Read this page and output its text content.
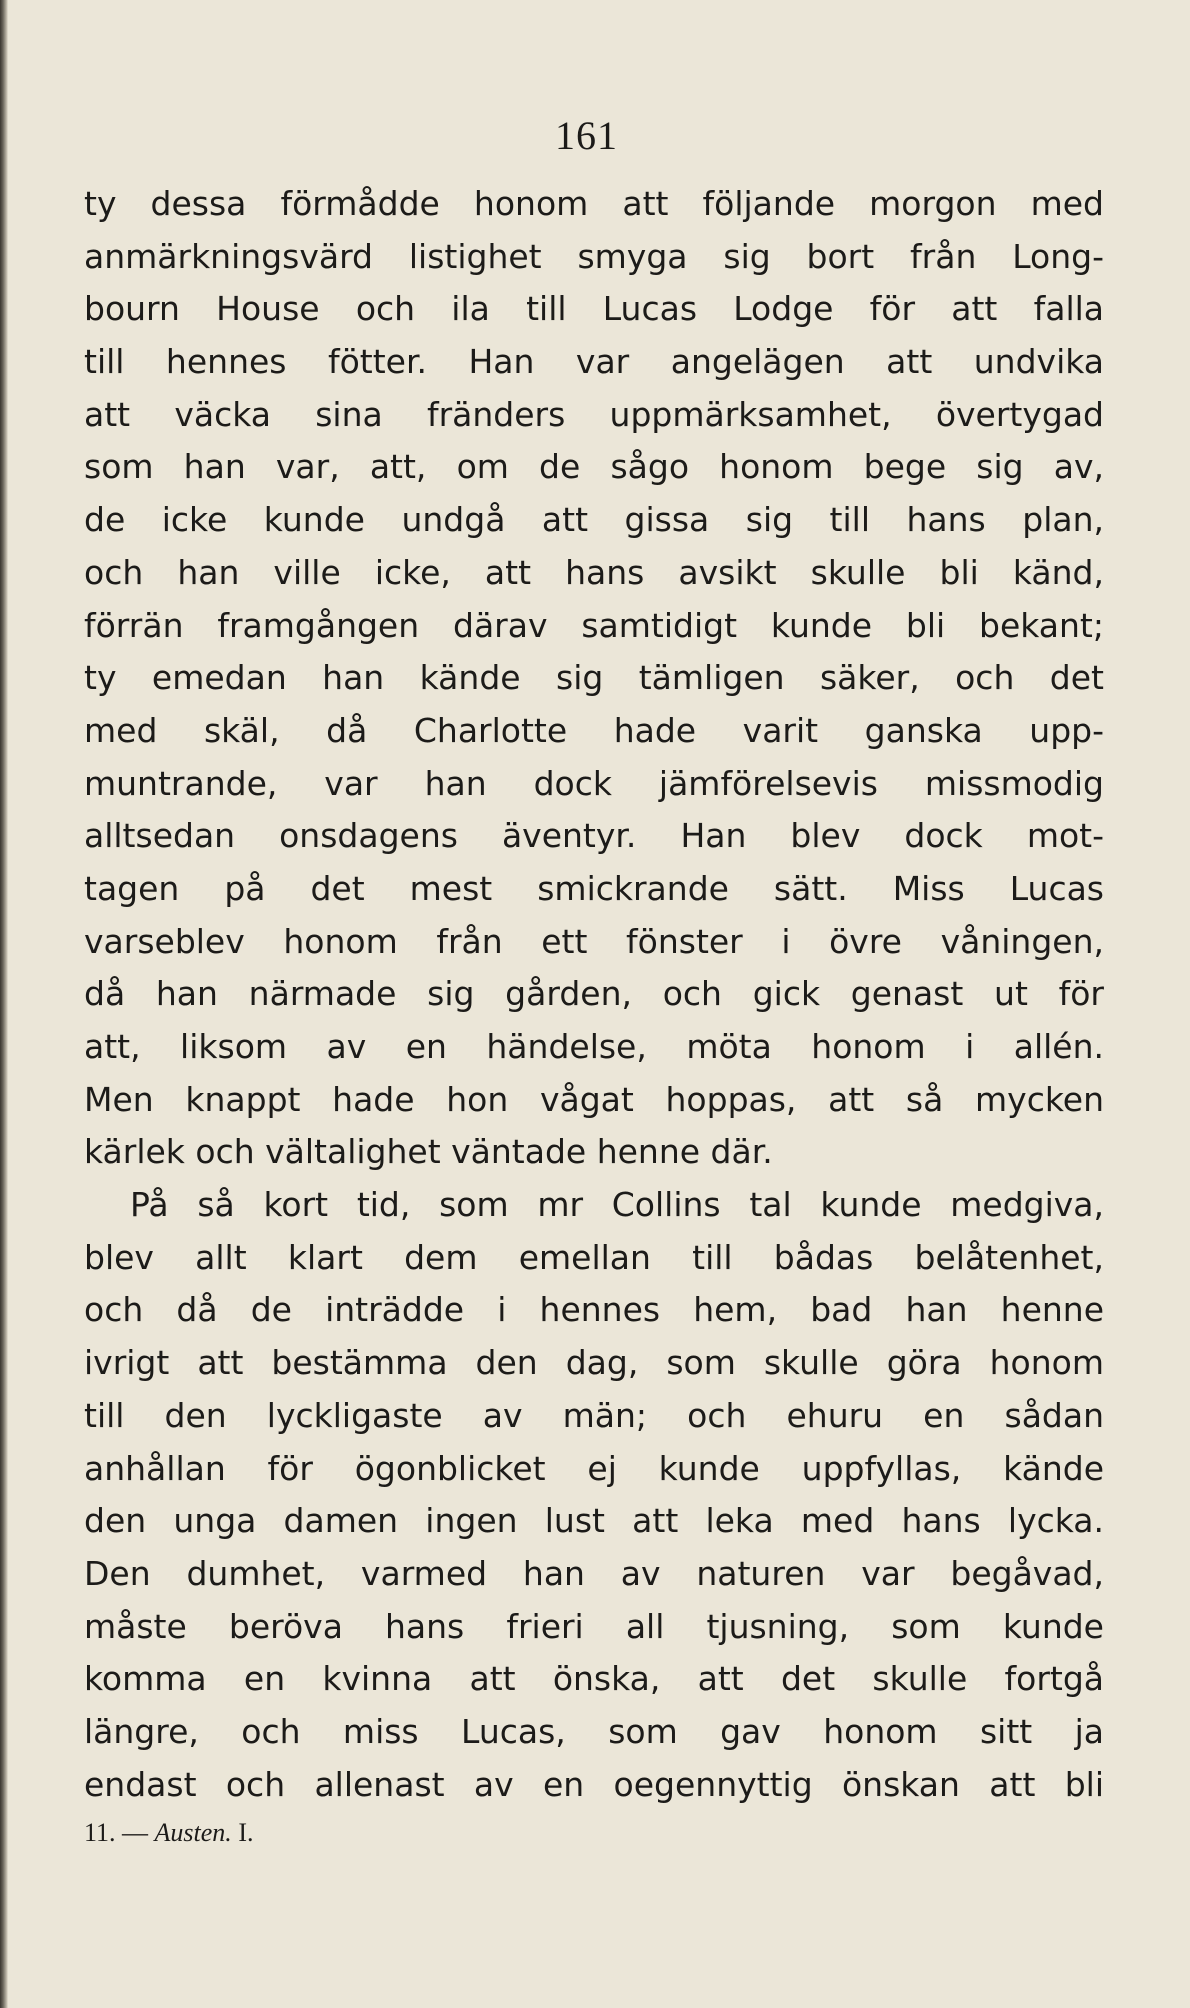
161
ty dessa förmådde honom att följande morgon med
anmärkningsvärd listighet smyga sig bort från Long-
bourn House och ila till Lucas Lodge för att falla
till hennes fötter. Han var angelägen att undvika
att väcka sina fränders uppmärksamhet, övertygad
som han var, att, om de sågo honom bege sig av,
de icke kunde undgå att gissa sig till hans plan,
och han ville icke, att hans avsikt skulle bli känd,
förrän framgången därav samtidigt kunde bli bekant;
ty emedan han kände sig tämligen säker, och det
med skäl, då Charlotte hade varit ganska upp-
muntrande, var han dock jämförelsevis missmodig
alltsedan onsdagens äventyr. Han blev dock mot-
tagen på det mest smickrande sätt. Miss Lucas
varseblev honom från ett fönster i övre våningen,
då han närmade sig gården, och gick genast ut för
att, liksom av en händelse, möta honom i allén.
Men knappt hade hon vågat hoppas, att så mycken
kärlek och vältalighet väntade henne där.
På så kort tid, som mr Collins tal kunde medgiva,
blev allt klart dem emellan till bådas belåtenhet,
och då de inträdde i hennes hem, bad han henne
ivrigt att bestämma den dag, som skulle göra honom
till den lyckligaste av män; och ehuru en sådan
anhållan för ögonblicket ej kunde uppfyllas, kände
den unga damen ingen lust att leka med hans lycka.
Den dumhet, varmed han av naturen var begåvad,
måste beröva hans frieri all tjusning, som kunde
komma en kvinna att önska, att det skulle fortgå
längre, och miss Lucas, som gav honom sitt ja
endast och allenast av en oegennyttig önskan att bli
11. — Austen. I.
